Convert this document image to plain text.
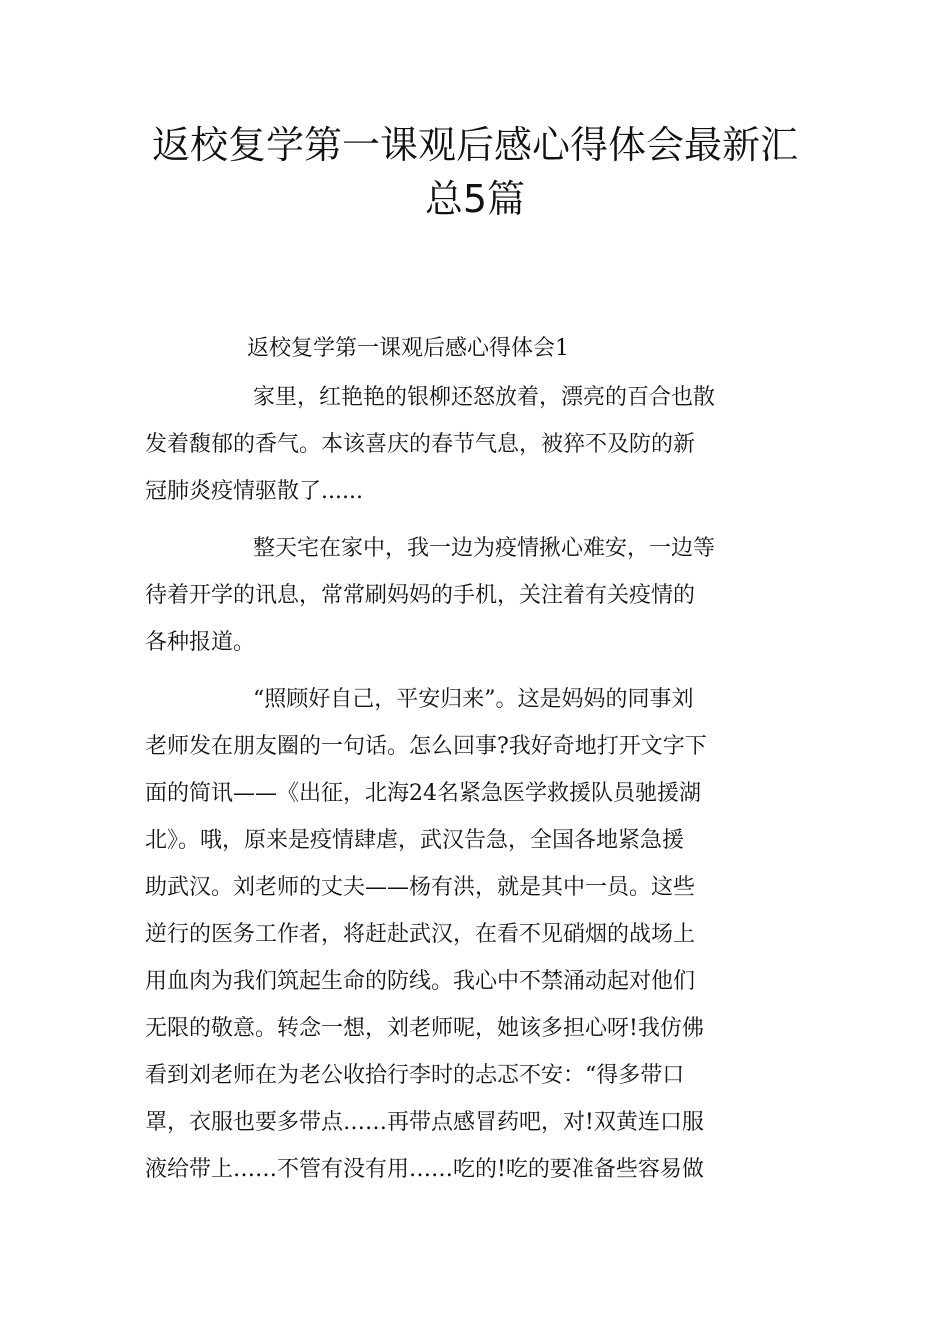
返校复学第一课观后感心得体会最新汇
总5篇

返校复学第一课观后感心得体会1

家里，红艳艳的银柳还怒放着，漂亮的百合也散
发着馥郁的香气。本该喜庆的春节气息，被猝不及防的新
冠肺炎疫情驱散了......

整天宅在家中，我一边为疫情揪心难安，一边等
待着开学的讯息，常常刷妈妈的手机，关注着有关疫情的
各种报道。

“照顾好自己，平安归来”。这是妈妈的同事刘
老师发在朋友圈的一句话。怎么回事?我好奇地打开文字下
面的简讯——《出征，北海24名紧急医学救援队员驰援湖
北》。哦，原来是疫情肆虐，武汉告急，全国各地紧急援
助武汉。刘老师的丈夫——杨有洪，就是其中一员。这些
逆行的医务工作者，将赶赴武汉，在看不见硝烟的战场上
用血肉为我们筑起生命的防线。我心中不禁涌动起对他们
无限的敬意。转念一想，刘老师呢，她该多担心呀!我仿佛
看到刘老师在为老公收拾行李时的忐忑不安：“得多带口
罩，衣服也要多带点……再带点感冒药吧，对!双黄连口服
液给带上……不管有没有用……吃的!吃的要准备些容易做
